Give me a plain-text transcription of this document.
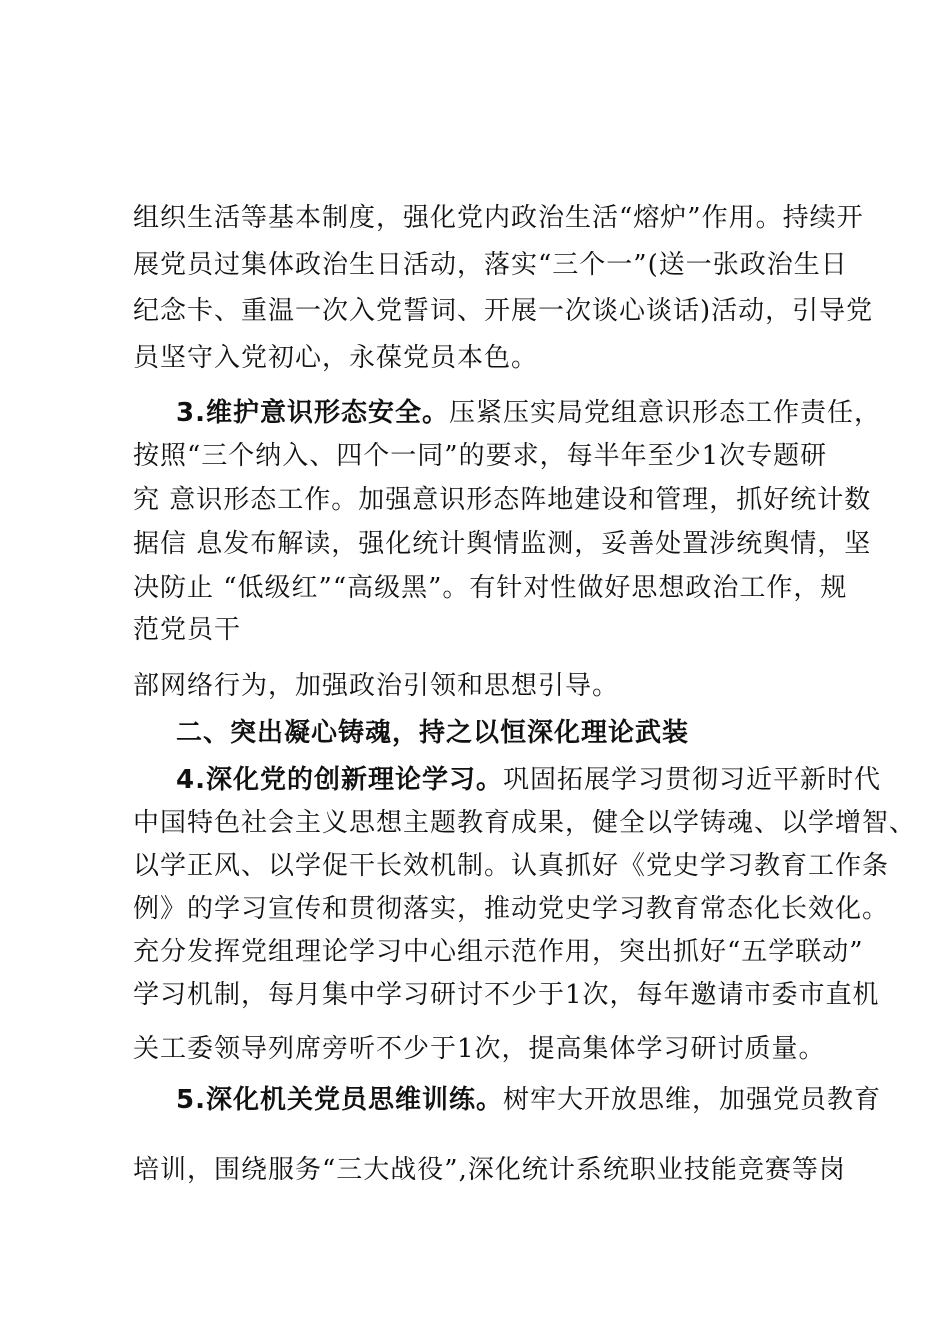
组织生活等基本制度，强化党内政治生活“熔炉”作用。持续开
展党员过集体政治生日活动，落实“三个一”(送一张政治生日
纪念卡、重温一次入党誓词、开展一次谈心谈话)活动，引导党
员坚守入党初心，永葆党员本色。
3.维护意识形态安全。压紧压实局党组意识形态工作责任，
按照“三个纳入、四个一同”的要求，每半年至少1次专题研
究 意识形态工作。加强意识形态阵地建设和管理，抓好统计数
据信 息发布解读，强化统计舆情监测，妥善处置涉统舆情，坚
决防止 “低级红”“高级黑”。有针对性做好思想政治工作，规
范党员干
部网络行为，加强政治引领和思想引导。
二、突出凝心铸魂，持之以恒深化理论武装
4.深化党的创新理论学习。巩固拓展学习贯彻习近平新时代
中国特色社会主义思想主题教育成果，健全以学铸魂、以学增智、
以学正风、以学促干长效机制。认真抓好《党史学习教育工作条
例》的学习宣传和贯彻落实，推动党史学习教育常态化长效化。
充分发挥党组理论学习中心组示范作用，突出抓好“五学联动”
学习机制，每月集中学习研讨不少于1次，每年邀请市委市直机
关工委领导列席旁听不少于1次，提高集体学习研讨质量。
5.深化机关党员思维训练。树牢大开放思维，加强党员教育
培训，围绕服务“三大战役”,深化统计系统职业技能竞赛等岗
